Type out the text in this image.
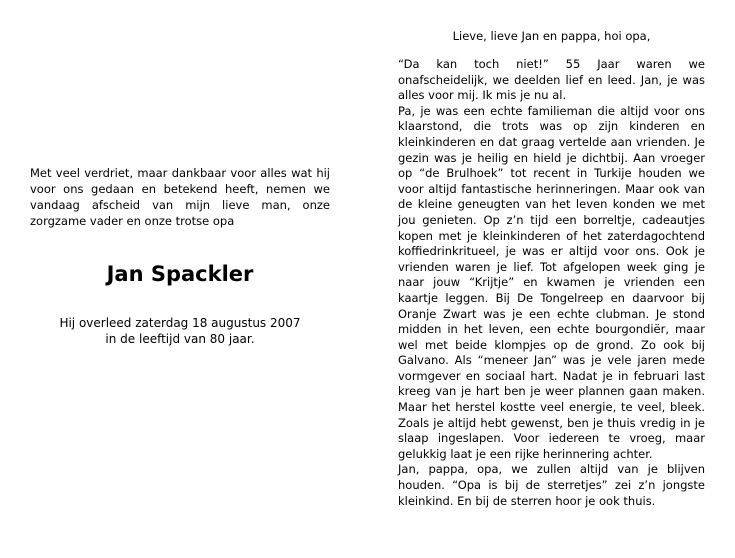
Met veel verdriet, maar dankbaar voor alles wat hij voor ons gedaan en betekend heeft, nemen we vandaag afscheid van mijn lieve man, onze zorgzame vader en onze trotse opa

Jan Spackler
Hij overleed zaterdag 18 augustus 2007
in de leeftijd van 80 jaar.
Lieve, lieve Jan en pappa, hoi opa,

“Da kan toch niet!” 55 Jaar waren we onafscheidelijk, we deelden lief en leed. Jan, je was alles voor mij. Ik mis je nu al.

Pa, je was een echte familieman die altijd voor ons klaarstond, die trots was op zijn kinderen en kleinkinderen en dat graag vertelde aan vrienden. Je gezin was je heilig en hield je dichtbij. Aan vroeger op “de Brulhoek” tot recent in Turkije houden we voor altijd fantastische herinneringen. Maar ook van de kleine geneugten van het leven konden we met jou genieten. Op z’n tijd een borreltje, cadeautjes kopen met je kleinkinderen of het zaterdagochtend koffiedrinkritueel, je was er altijd voor ons. Ook je vrienden waren je lief. Tot afgelopen week ging je naar jouw “Krijtje” en kwamen je vrienden een kaartje leggen. Bij De Tongelreep en daarvoor bij Oranje Zwart was je een echte clubman. Je stond midden in het leven, een echte bourgondiër, maar wel met beide klompjes op de grond. Zo ook bij Galvano. Als “meneer Jan” was je vele jaren mede vormgever en sociaal hart. Nadat je in februari last kreeg van je hart ben je weer plannen gaan maken. Maar het herstel kostte veel energie, te veel, bleek. Zoals je altijd hebt gewenst, ben je thuis vredig in je slaap ingeslapen. Voor iedereen te vroeg, maar gelukkig laat je een rijke herinnering achter.

Jan, pappa, opa, we zullen altijd van je blijven houden. “Opa is bij de sterretjes” zei z’n jongste kleinkind. En bij de sterren hoor je ook thuis.
